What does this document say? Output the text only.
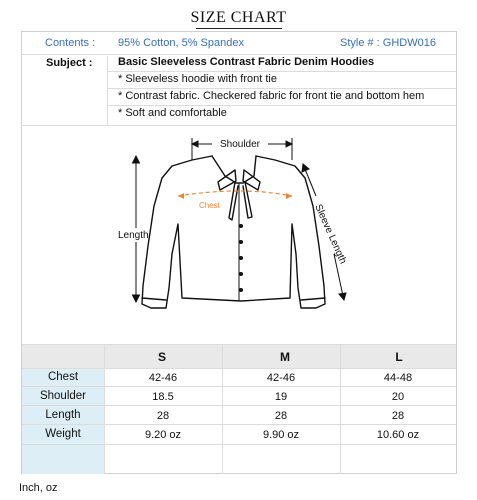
SIZE CHART
Contents : 95% Cotton, 5% Spandex	Style # : GHDW016
Subject : Basic Sleeveless Contrast Fabric Denim Hoodies
* Sleeveless hoodie with front tie
* Contrast fabric. Checkered fabric for front tie and bottom hem
* Soft and comfortable
Shoulder
Chest
Length	Sleeve Length
S	M	L
Chest	42-46	42-46	44-48
Shoulder	18.5	19	20
Length	28	28	28
Weight	9.20 oz	9.90 oz	10.60 oz
Inch, oz
